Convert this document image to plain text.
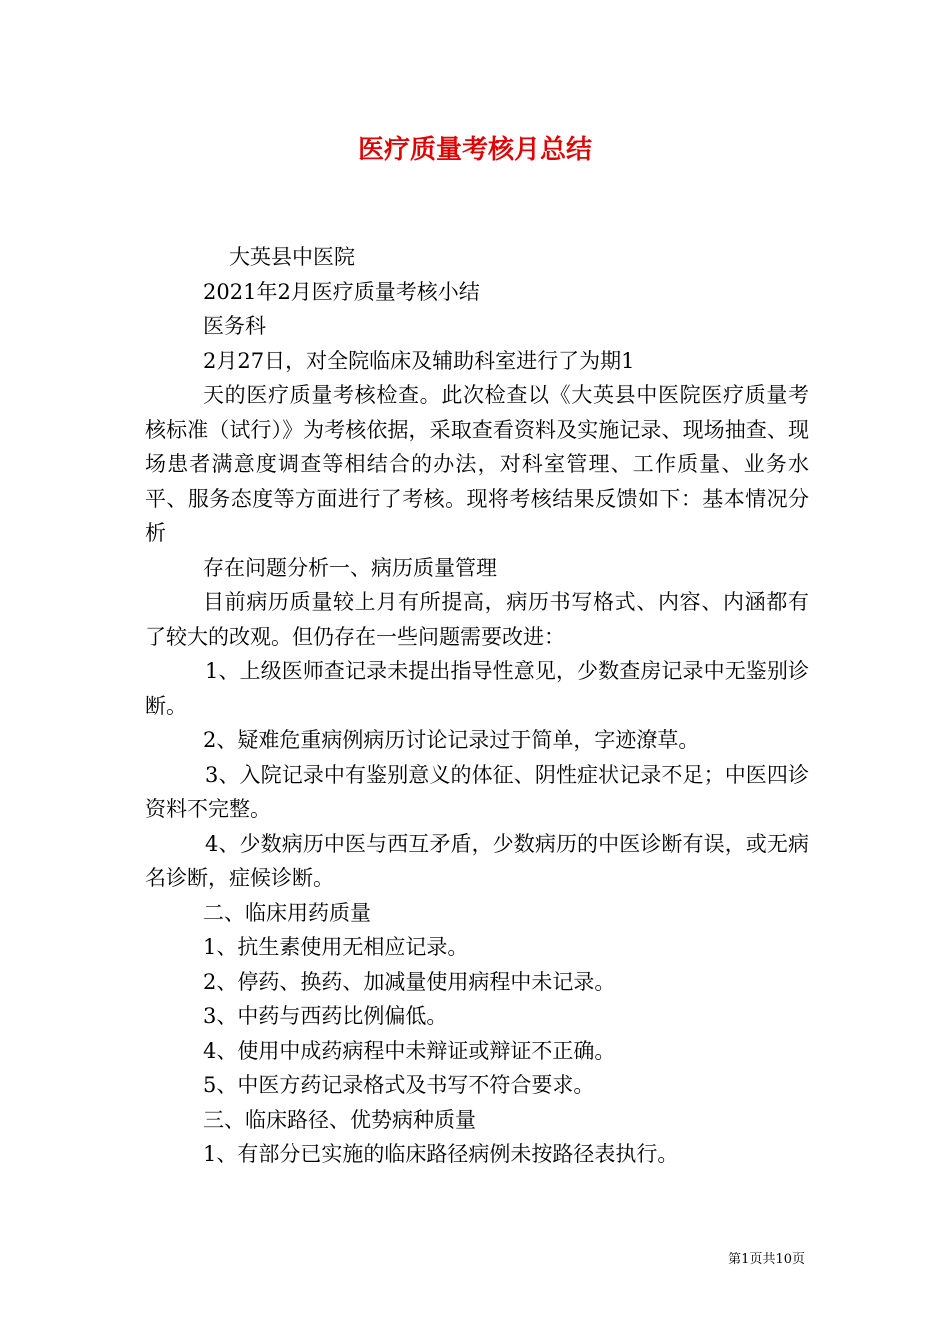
医疗质量考核月总结

大英县中医院

2021年2月医疗质量考核小结

医务科

2月27日，对全院临床及辅助科室进行了为期1

天的医疗质量考核检查。此次检查以《大英县中医院医疗质量考核标准（试行）》为考核依据，采取查看资料及实施记录、现场抽查、现场患者满意度调查等相结合的办法，对科室管理、工作质量、业务水平、服务态度等方面进行了考核。现将考核结果反馈如下：基本情况分析

存在问题分析一、病历质量管理

目前病历质量较上月有所提高，病历书写格式、内容、内涵都有了较大的改观。但仍存在一些问题需要改进：

1、上级医师查记录未提出指导性意见，少数查房记录中无鉴别诊断。

2、疑难危重病例病历讨论记录过于简单，字迹潦草。

3、入院记录中有鉴别意义的体征、阴性症状记录不足；中医四诊资料不完整。

4、少数病历中医与西互矛盾，少数病历的中医诊断有误，或无病名诊断，症候诊断。

二、临床用药质量

1、抗生素使用无相应记录。

2、停药、换药、加减量使用病程中未记录。

3、中药与西药比例偏低。

4、使用中成药病程中未辩证或辩证不正确。

5、中医方药记录格式及书写不符合要求。

三、临床路径、优势病种质量

1、有部分已实施的临床路径病例未按路径表执行。

第1页共10页
